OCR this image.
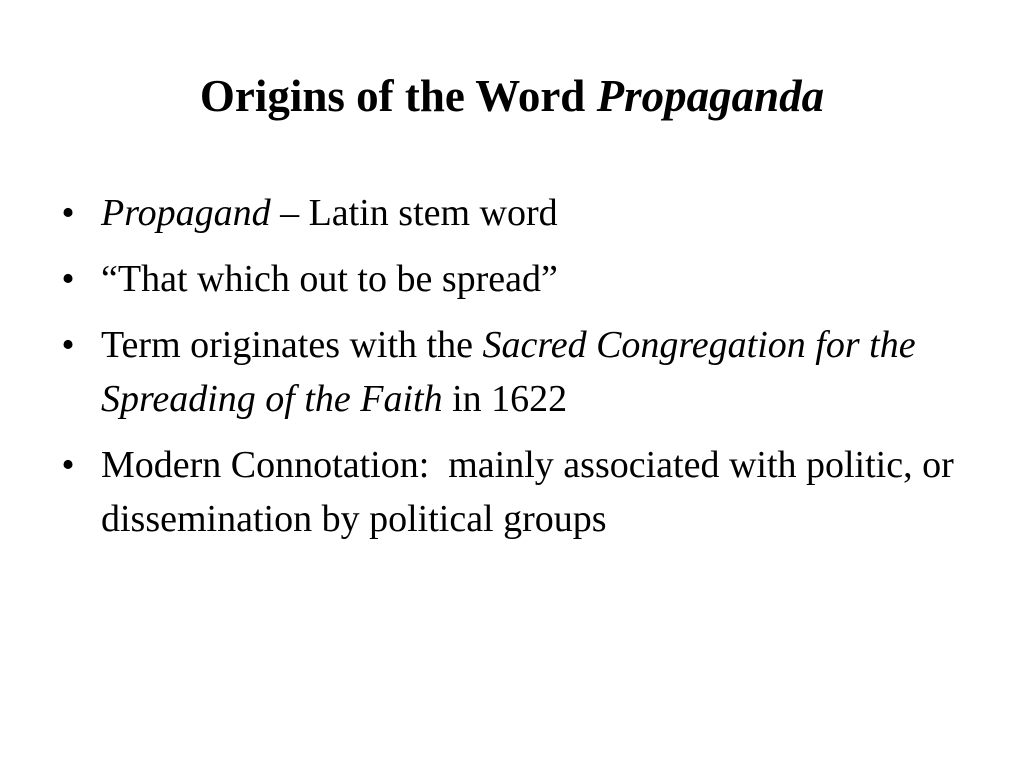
Origins of the Word Propaganda
• Propagand – Latin stem word
• “That which out to be spread”
• Term originates with the Sacred Congregation for the Spreading of the Faith in 1622
• Modern Connotation:  mainly associated with politic, or dissemination by political groups
